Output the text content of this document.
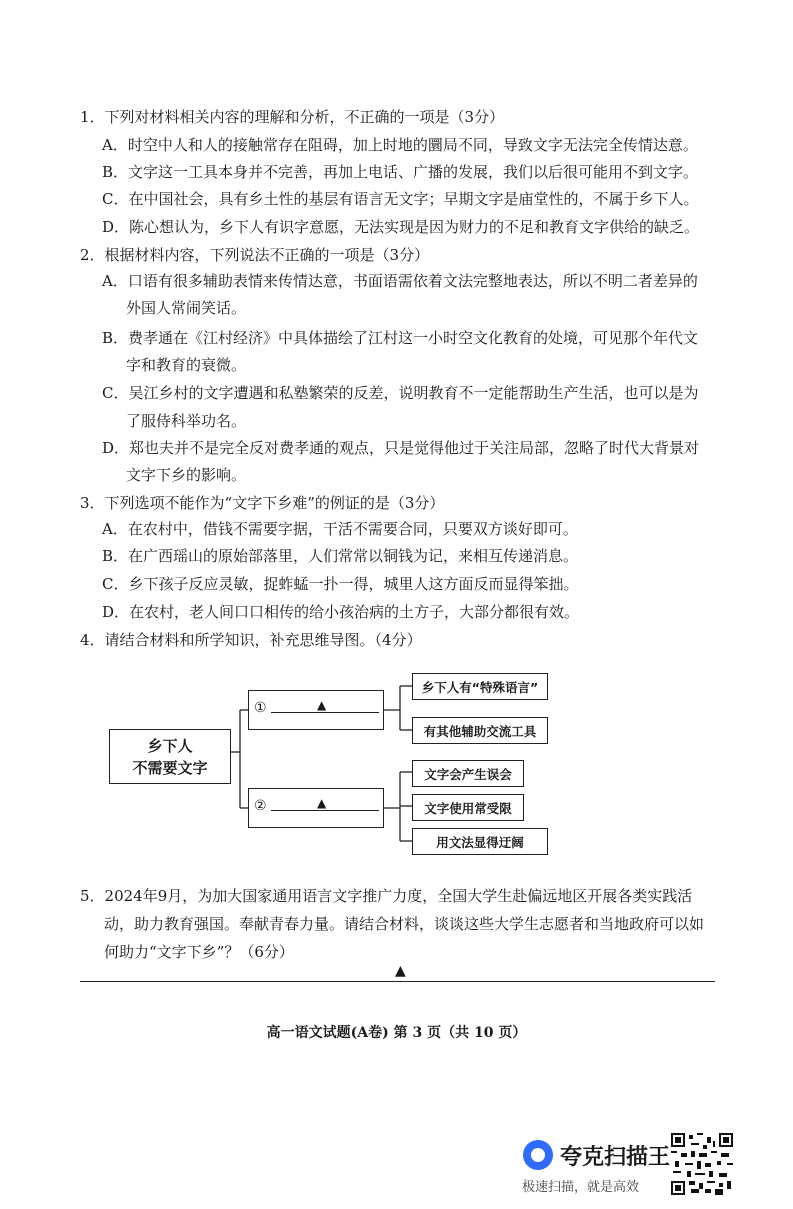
1．下列对材料相关内容的理解和分析，不正确的一项是（3分）
A．时空中人和人的接触常存在阻碍，加上时地的圜局不同，导致文字无法完全传情达意。
B．文字这一工具本身并不完善，再加上电话、广播的发展，我们以后很可能用不到文字。
C．在中国社会，具有乡土性的基层有语言无文字；早期文字是庙堂性的，不属于乡下人。
D．陈心想认为，乡下人有识字意愿，无法实现是因为财力的不足和教育文字供给的缺乏。
2．根据材料内容，下列说法不正确的一项是（3分）
A．口语有很多辅助表情来传情达意，书面语需依着文法完整地表达，所以不明二者差异的
外国人常闹笑话。
B．费孝通在《江村经济》中具体描绘了江村这一小时空文化教育的处境，可见那个年代文
字和教育的衰微。
C．吴江乡村的文字遭遇和私塾繁荣的反差，说明教育不一定能帮助生产生活，也可以是为
了服侍科举功名。
D．郑也夫并不是完全反对费孝通的观点，只是觉得他过于关注局部，忽略了时代大背景对
文字下乡的影响。
3．下列选项不能作为“文字下乡难”的例证的是（3分）
A．在农村中，借钱不需要字据，干活不需要合同，只要双方谈好即可。
B．在广西瑶山的原始部落里，人们常常以铜钱为记，来相互传递消息。
C．乡下孩子反应灵敏，捉蚱蜢一扑一得，城里人这方面反而显得笨拙。
D．在农村，老人间口口相传的给小孩治病的土方子，大部分都很有效。
4．请结合材料和所学知识，补充思维导图。（4分）
乡下人
不需要文字
①	▲
②	▲
乡下人有“特殊语言”
有其他辅助交流工具
文字会产生误会
文字使用常受限
用文法显得迂阔
5．2024年9月，为加大国家通用语言文字推广力度，全国大学生赴偏远地区开展各类实践活
动，助力教育强国。奉献青春力量。请结合材料，谈谈这些大学生志愿者和当地政府可以如
何助力“文字下乡”？（6分）
▲
高一语文试题(A卷) 第 3 页（共 10 页）
夸克扫描王
极速扫描，就是高效
